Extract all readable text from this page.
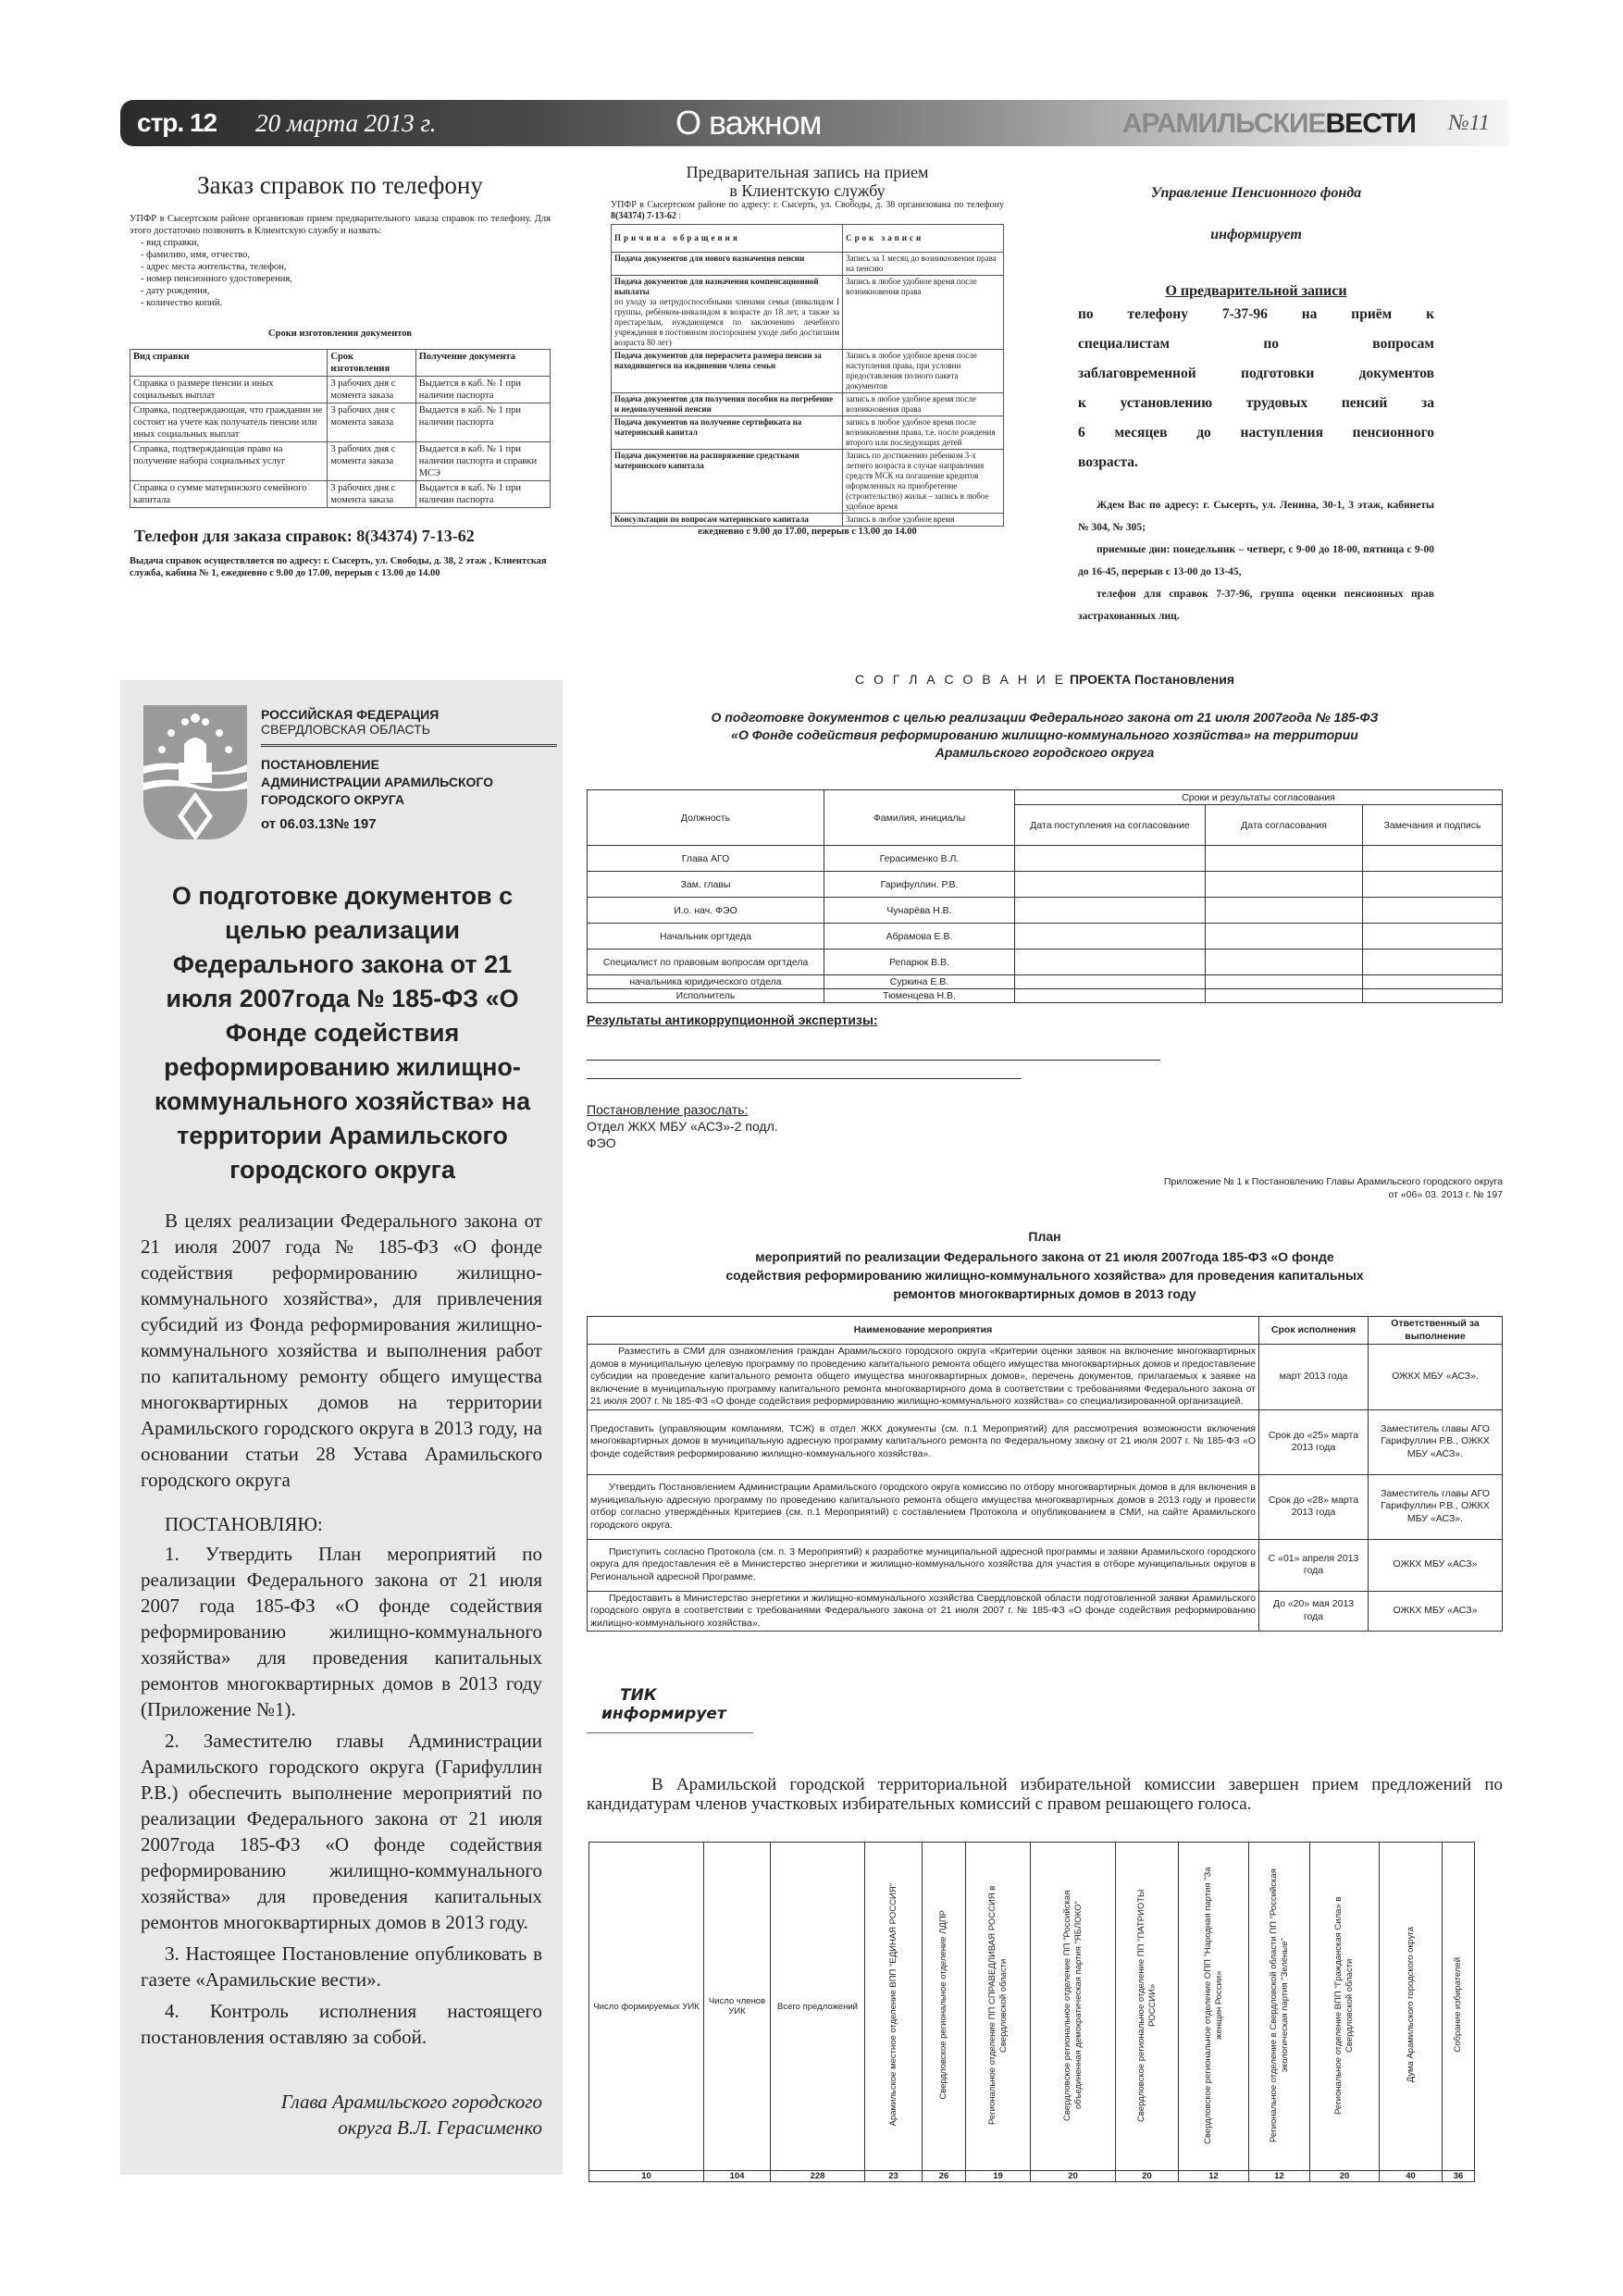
стр. 12 20 марта 2013 г.	О важном	АРАМИЛЬСКИЕВЕСТИ №11
Заказ справок по телефону

УПФР в Сысертском районе организован прием предварительного заказа справок по телефону. Для этого достаточно позвонить в Клиентскую службу и назвать:

- вид справки,
- фамилию, имя, отчество,
- адрес места жительства, телефон,
- номер пенсионного удостоверения,
- дату рождения,
- количество копий.
Сроки изготовления документов
Вид справки	Срок изготовления	Получение документа
Справка о размере пенсии и иных социальных выплат	3 рабочих дня с момента заказа	Выдается в каб. № 1 при наличии паспорта
Справка, подтверждающая, что гражданин не состоит на учете как получатель пенсии или иных социальных выплат	3 рабочих дня с момента заказа	Выдается в каб. № 1 при наличии паспорта
Справка, подтверждающая право на получение набора социальных услуг	3 рабочих дня с момента заказа	Выдается в каб. № 1 при наличии паспорта и справки МСЭ
Справка о сумме материнского семейного капитала	3 рабочих дня с момента заказа	Выдается в каб. № 1 при наличии паспорта
Телефон для заказа справок: 8(34374) 7-13-62

Выдача справок осуществляется по адресу: г. Сысерть, ул. Свободы, д. 38, 2 этаж , Клиентская служба, кабина № 1, ежедневно с 9.00 до 17.00, перерыв с 13.00 до 14.00

Предварительная запись на прием
в Клиентскую службу

УПФР в Сысертском районе по адресу: г. Сысерть, ул. Свободы, д. 38 организована по телефону 8(34374) 7-13-62 :

Причина обращения	Срок записи
Подача документов для нового назначения пенсии	Запись за 1 месяц до возникновения права на пенсию
Подача документов для назначения компенсационной выплаты
по уходу за нетрудоспособными членами семьи (инвалидом I группы, ребёнком-инвалидом в возрасте до 18 лет, а также за престарелым, нуждающемся по заключению лечебного учреждения в постоянном постороннем уходе либо достигшим возраста 80 лет)	Запись в любое удобное время после возникновения права
Подача документов для перерасчета размера пенсии за находившегося на иждивении члена семьи	Запись в любое удобное время после наступления права, при условии предоставления полного пакета документов
Подача документов для получения пособия на погребение и недополученной пенсии	запись в любое удобное время после возникновения права
Подача документов на получение сертификата на материнский капитал	запись в любое удобное время после возникновения права, т.е. после рождения второго или последующих детей
Подача документов на распоряжение средствами материнского капитала	Запись по достижению ребенком 3-х летнего возраста в случае направления средств МСК на погашение кредитов оформленных на приобретение (строительство) жилья – запись в любое удобное время
Консультации по вопросам материнского капитала	Запись в любое удобное время
ежедневно с 9.00 до 17.00, перерыв с 13.00 до 14.00
Управление Пенсионного фонда
информирует
О предварительной записи
по телефону 7-37-96 на приём к
специалистам по вопросам
заблаговременной подготовки документов
к установлению трудовых пенсий за
6 месяцев до наступления пенсионного
возраста.

Ждем Вас по адресу: г. Сысерть, ул. Ленина, 30-1, 3 этаж, кабинеты № 304, № 305;

приемные дни: понедельник – четверг, с 9-00 до 18-00, пятница с 9-00 до 16-45, перерыв с 13-00 до 13-45,

телефон для справок 7-37-96, группа оценки пенсионных прав застрахованных лиц.

РОССИЙСКАЯ ФЕДЕРАЦИЯ
СВЕРДЛОВСКАЯ ОБЛАСТЬ
ПОСТАНОВЛЕНИЕ
АДМИНИСТРАЦИИ АРАМИЛЬСКОГО
ГОРОДСКОГО ОКРУГА
от 06.03.13№ 197
О подготовке документов с целью реализации Федерального закона от 21 июля 2007года № 185-ФЗ «О Фонде содействия реформированию жилищно-коммунального хозяйства» на территории Арамильского городского округа

В целях реализации Федерального закона от 21 июля 2007 года № 185-ФЗ «О фонде содействия реформированию жилищно-коммунального хозяйства», для привлечения субсидий из Фонда реформирования жилищно-коммунального хозяйства и выполнения работ по капитальному ремонту общего имущества многоквартирных домов на территории Арамильского городского округа в 2013 году, на основании статьи 28 Устава Арамильского городского округа

ПОСТАНОВЛЯЮ:

1. Утвердить План мероприятий по реализации Федерального закона от 21 июля 2007 года 185-ФЗ «О фонде содействия реформированию жилищно-коммунального хозяйства» для проведения капитальных ремонтов многоквартирных домов в 2013 году (Приложение №1).

2. Заместителю главы Администрации Арамильского городского округа (Гарифуллин Р.В.) обеспечить выполнение мероприятий по реализации Федерального закона от 21 июля 2007года 185-ФЗ «О фонде содействия реформированию жилищно-коммунального хозяйства» для проведения капитальных ремонтов многоквартирных домов в 2013 году.

3. Настоящее Постановление опубликовать в газете «Арамильские вести».

4. Контроль исполнения настоящего постановления оставляю за собой.

Глава Арамильского городского
округа В.Л. Герасименко
С О Г Л А С О В А Н И Е ПРОЕКТА Постановления
О подготовке документов с целью реализации Федерального закона от 21 июля 2007года № 185-ФЗ «О Фонде содействия реформированию жилищно-коммунального хозяйства» на территории Арамильского городского округа
Должность	Фамилия, инициалы	Сроки и результаты согласования		
		Дата поступления на согласование	Дата согласования	Замечания и подпись
Глава АГО	Герасименко В.Л.			
Зам. главы	Гарифуллин. Р.В.			
И.о. нач. ФЭО	Чунарёва Н.В.			
Начальник оргтдеда	Абрамова Е.В.			
Специалист по правовым вопросам оргтдела	Репарюк В.В.			
начальника юридического отдела	Суркина Е.В.			
Исполнитель	Тюменцева Н.В.			
Результаты антикоррупционной экспертизы:
Постановление разослать:
Отдел ЖКХ МБУ «АСЗ»-2 подл.
ФЭО
Приложение № 1 к Постановлению Главы Арамильского городского округа
от «06» 03. 2013 г. № 197
План
мероприятий по реализации Федерального закона от 21 июля 2007года 185-ФЗ «О фонде содействия реформированию жилищно-коммунального хозяйства» для проведения капитальных ремонтов многоквартирных домов в 2013 году
Наименование мероприятия	Срок исполнения	Ответственный за выполнение
Разместить в СМИ для ознакомления граждан Арамильского городского округа «Критерии оценки заявок на включение многоквартирных домов в муниципальную целевую программу по проведению капитального ремонта общего имущества многоквартирных домов и предоставление субсидии на проведение капитального ремонта общего имущества многоквартирных домов», перечень документов, прилагаемых к заявке на включение в муниципальную программу капитального ремонта многоквартирного дома в соответствии с требованиями Федерального закона от 21 июля 2007 г. № 185-ФЗ «О фонде содействия реформированию жилищно-коммунального хозяйства» со специализированной организацией.	март 2013 года	ОЖКХ МБУ «АСЗ».
Предоставить (управляющим компаниям, ТСЖ) в отдел ЖКХ документы (см. п.1 Мероприятий) для рассмотрения возможности включения многоквартирных домов в муниципальную адресную программу капитального ремонта по Федеральному закону от 21 июля 2007 г. № 185-ФЗ «О фонде содействия реформированию жилищно-коммунального хозяйства».	Срок до «25» марта 2013 года	Заместитель главы АГО Гарифуллин Р.В., ОЖКХ МБУ «АСЗ».
Утвердить Постановлением Администрации Арамильского городского округа комиссию по отбору многоквартирных домов в для включения в муниципальную адресную программу по проведению капитального ремонта общего имущества многоквартирных домов в 2013 году и провести отбор согласно утверждённых Критериев (см. п.1 Мероприятий) с составлением Протокола и опубликованием в СМИ, на сайте Арамильского городского округа.	Срок до «28» марта 2013 года	Заместитель главы АГО Гарифуллин Р.В., ОЖКХ МБУ «АСЗ».
Приступить согласно Протокола (см. п. 3 Мероприятий) к разработке муниципальной адресной программы и заявки Арамильского городского округа для предоставления её в Министерство энергетики и жилищно-коммунального хозяйства для участия в отборе муниципальных округов в Региональной адресной Программе.	С «01» апреля 2013 года	ОЖКХ МБУ «АСЗ»
Предоставить в Министерство энергетики и жилищно-коммунального хозяйства Свердловской области подготовленной заявки Арамильского городского округа в соответствии с требованиями Федерального закона от 21 июля 2007 г. № 185-ФЗ «О фонде содействия реформированию жилищно-коммунального хозяйства».	До «20» мая 2013 года	ОЖКХ МБУ «АСЗ»
ТИК
информирует

В Арамильской городской территориальной избирательной комиссии завершен прием предложений по кандидатурам членов участковых избирательных комиссий с правом решающего голоса.

Число формируемых УИК	Число членов УИК	Всего предложений	Арамильское местное отделение ВПП "ЕДИНАЯ РОССИЯ"	Свердловское региональное отделение ЛДПР	Региональное отделение ПП СПРАВЕДЛИВАЯ РОССИЯ в Свердловской области	Свердловское региональное отделение ПП "Российская объединенная демократическая партия "ЯБЛОКО"	Свердловское региональное отделение ПП "ПАТРИОТЫ РОССИИ»	Свердловское региональное отделение ОПП "Народная партия "За женщин России»	Региональное отделение в Свердловской области ПП "Российская экологическая партия "Зелёные"	Региональное отделение ВПП "Гражданская Сила» в Свердловской области	Дума Арамильского городского округа	Собрание избирателей
10	104	228	23	26	19	20	20	12	12	20	40	36
